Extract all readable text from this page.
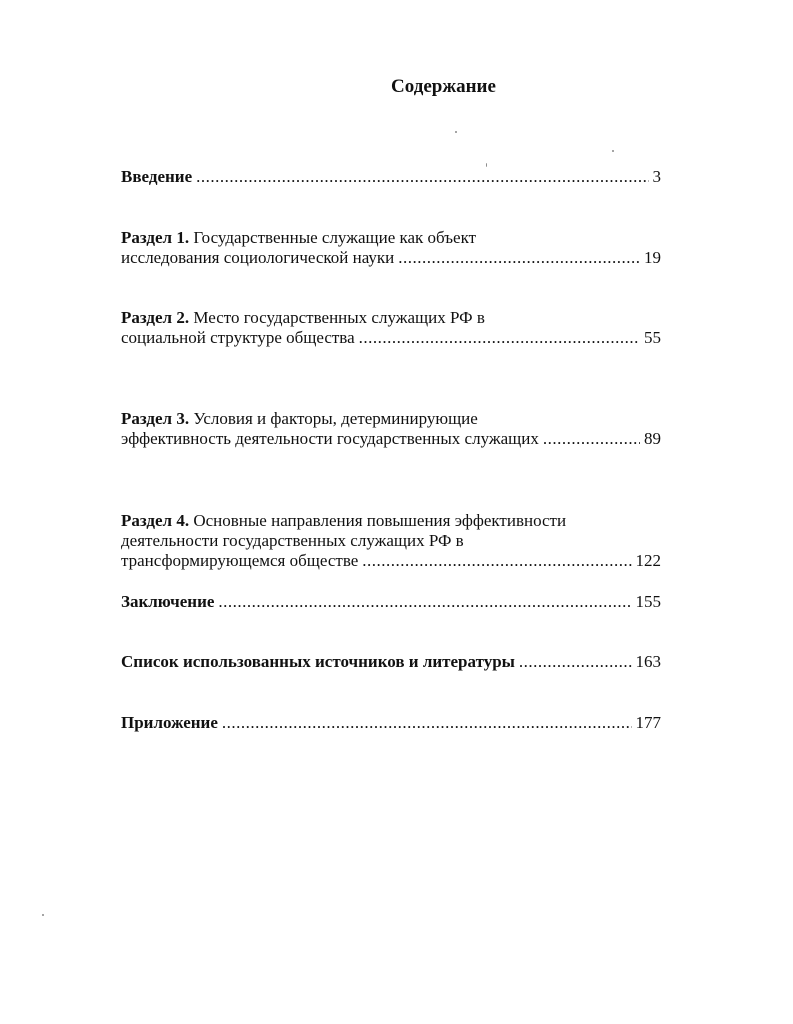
Содержание
Введение .....	3
Раздел 1.
Государственные служащие как объект
исследования социологической науки .....	19
Раздел 2.
Место государственных служащих РФ в
социальной структуре общества .....	55
Раздел 3.
Условия и факторы, детерминирующие
эффективность деятельности государственных служащих .....	89
Раздел 4.
Основные направления повышения эффективности
деятельности государственных служащих РФ в
трансформирующемся обществе .....	122
Заключение .....	155
Список использованных источников и литературы .....	163
Приложение .....	177
